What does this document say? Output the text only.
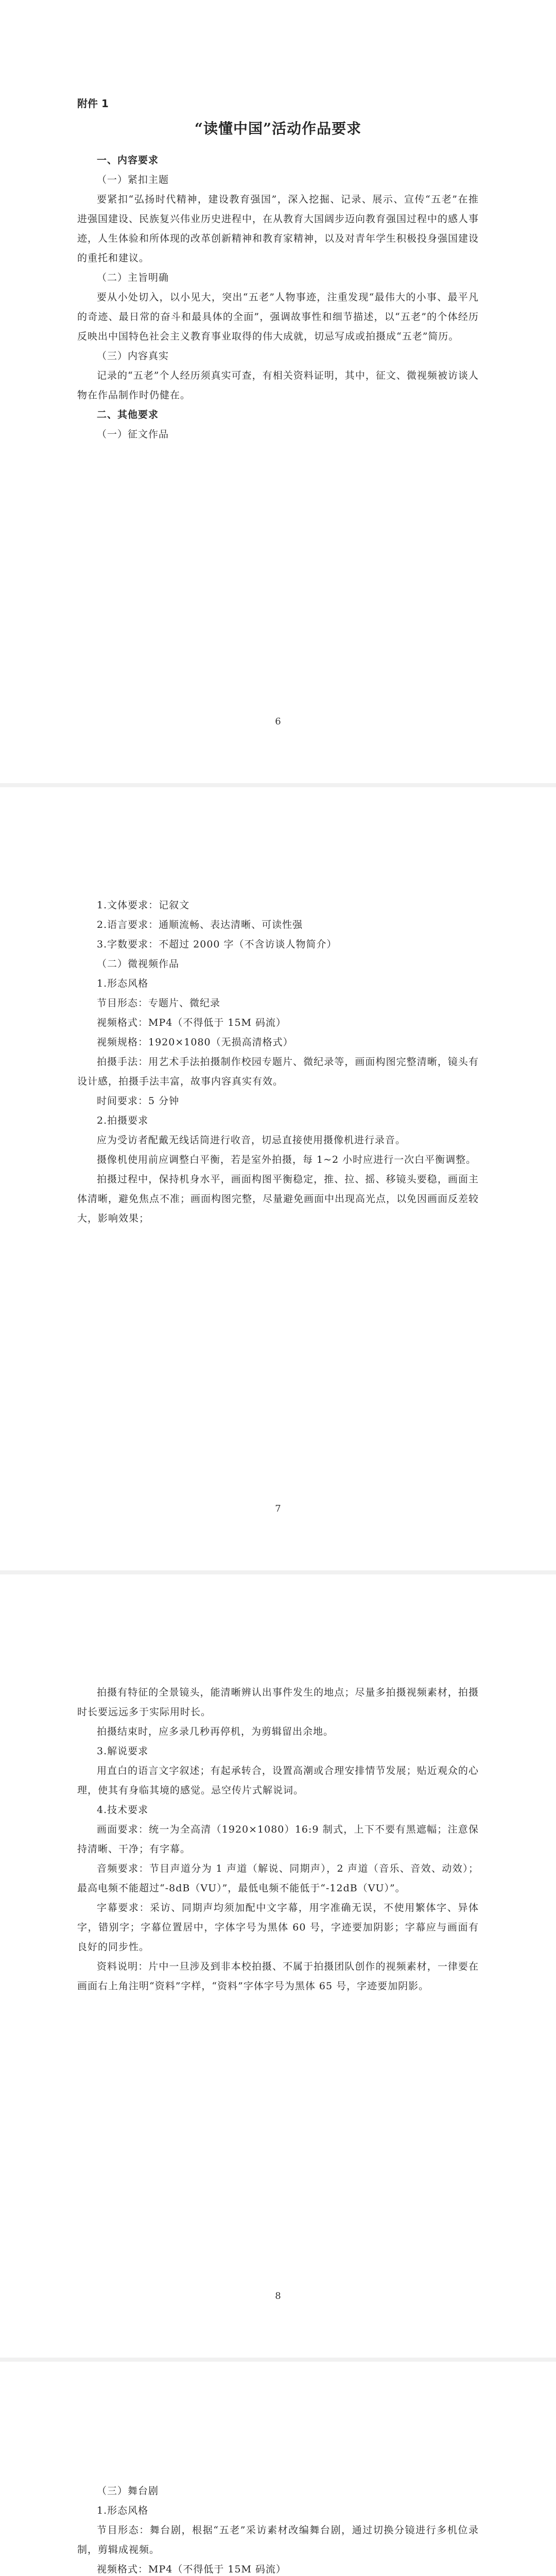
附件 1

“读懂中国”活动作品要求

一、内容要求

（一）紧扣主题

要紧扣“弘扬时代精神，建设教育强国”，深入挖掘、记录、展示、宣传“五老”在推进强国建设、民族复兴伟业历史进程中，在从教育大国阔步迈向教育强国过程中的感人事迹，人生体验和所体现的改革创新精神和教育家精神，以及对青年学生积极投身强国建设的重托和建议。

（二）主旨明确

要从小处切入，以小见大，突出“五老”人物事迹，注重发现“最伟大的小事、最平凡的奇迹、最日常的奋斗和最具体的全面”，强调故事性和细节描述，以“五老”的个体经历反映出中国特色社会主义教育事业取得的伟大成就，切忌写成或拍摄成“五老”简历。

（三）内容真实

记录的“五老”个人经历须真实可查，有相关资料证明，其中，征文、微视频被访谈人物在作品制作时仍健在。

二、其他要求

（一）征文作品

6

1.文体要求：记叙文

2.语言要求：通顺流畅、表达清晰、可读性强

3.字数要求：不超过 2000 字（不含访谈人物简介）

（二）微视频作品

1.形态风格

节目形态：专题片、微纪录

视频格式：MP4（不得低于 15M 码流）

视频规格：1920×1080（无损高清格式）

拍摄手法：用艺术手法拍摄制作校园专题片、微纪录等，画面构图完整清晰，镜头有设计感，拍摄手法丰富，故事内容真实有效。

时间要求：5 分钟

2.拍摄要求

应为受访者配戴无线话筒进行收音，切忌直接使用摄像机进行录音。

摄像机使用前应调整白平衡，若是室外拍摄，每 1~2 小时应进行一次白平衡调整。

拍摄过程中，保持机身水平，画面构图平衡稳定，推、拉、摇、移镜头要稳，画面主体清晰，避免焦点不准；画面构图完整，尽量避免画面中出现高光点，以免因画面反差较大，影响效果；

7

拍摄有特征的全景镜头，能清晰辨认出事件发生的地点；尽量多拍摄视频素材，拍摄时长要远远多于实际用时长。

拍摄结束时，应多录几秒再停机，为剪辑留出余地。

3.解说要求

用直白的语言文字叙述；有起承转合，设置高潮或合理安排情节发展；贴近观众的心理，使其有身临其境的感觉。忌空传片式解说词。

4.技术要求

画面要求：统一为全高清（1920×1080）16:9 制式，上下不要有黑遮幅；注意保持清晰、干净；有字幕。

音频要求：节目声道分为 1 声道（解说、同期声），2 声道（音乐、音效、动效）；最高电频不能超过“-8dB（VU）”，最低电频不能低于“-12dB（VU）”。

字幕要求：采访、同期声均须加配中文字幕，用字准确无误，不使用繁体字、异体字，错别字；字幕位置居中，字体字号为黑体 60 号，字迹要加阴影；字幕应与画面有良好的同步性。

资料说明：片中一旦涉及到非本校拍摄、不属于拍摄团队创作的视频素材，一律要在画面右上角注明“资料”字样，“资料”字体字号为黑体 65 号，字迹要加阴影。

8

（三）舞台剧

1.形态风格

节目形态：舞台剧，根据“五老”采访素材改编舞台剧，通过切换分镜进行多机位录制，剪辑成视频。

视频格式：MP4（不得低于 15M 码流）
